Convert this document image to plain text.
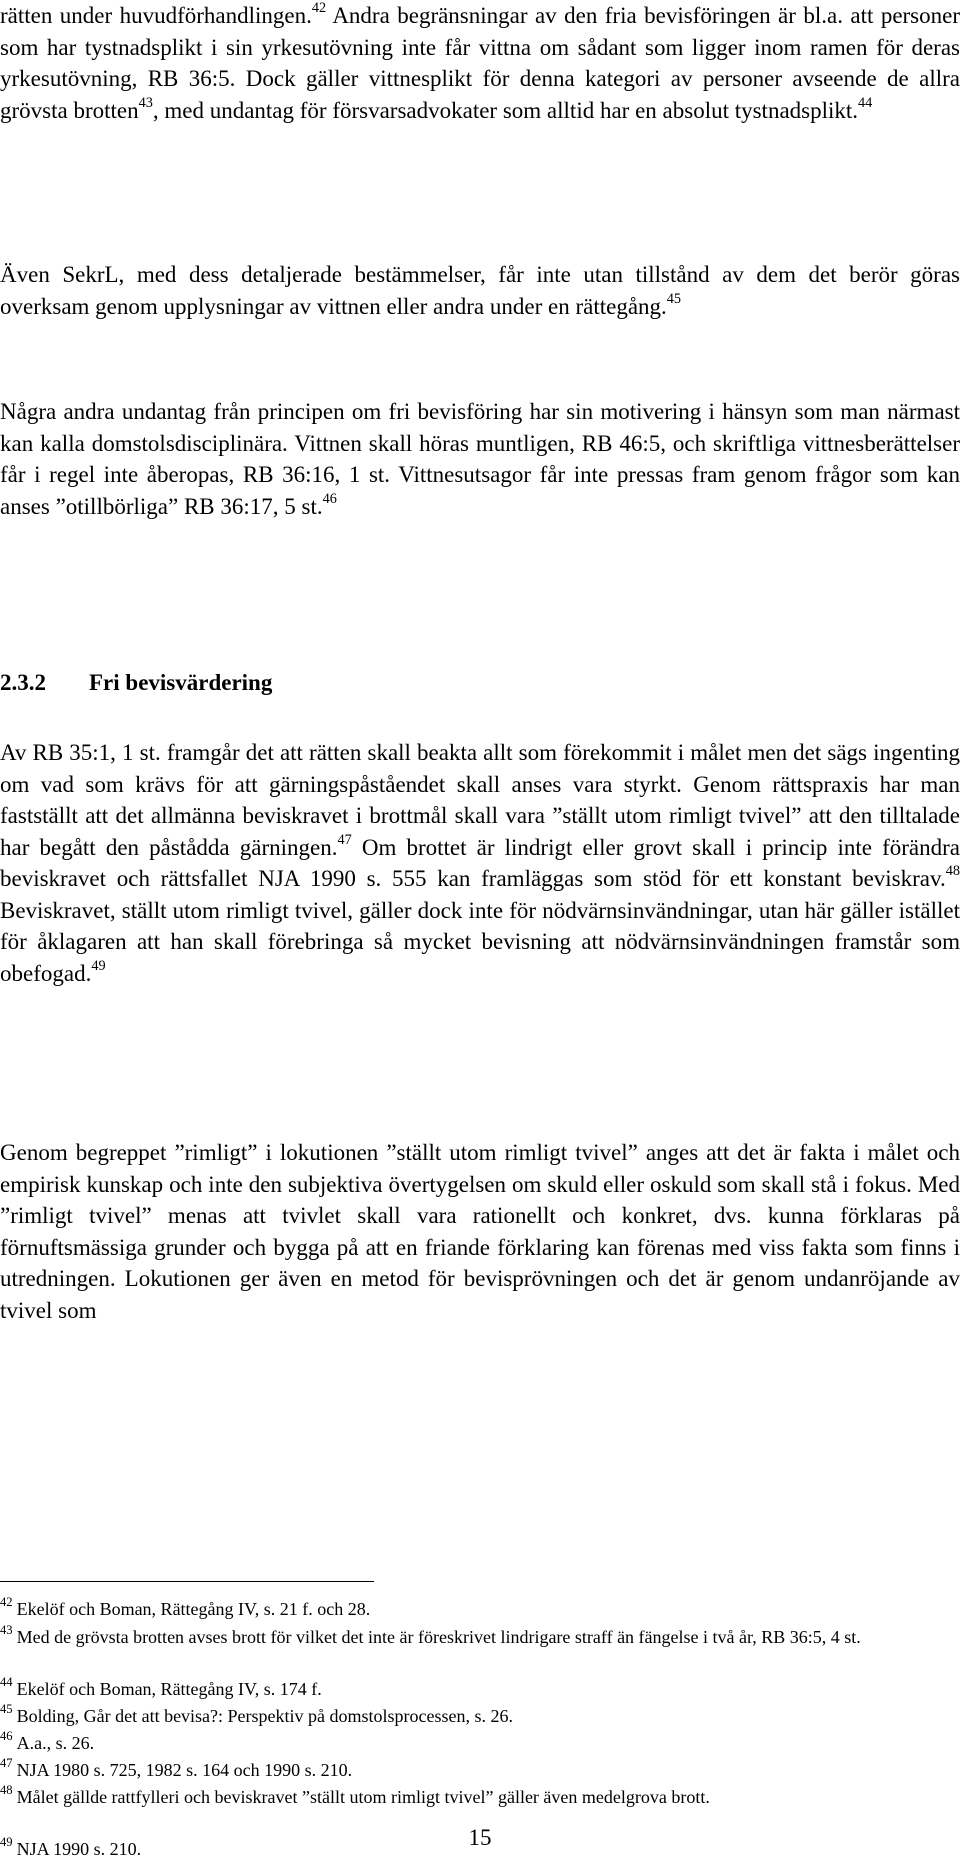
rätten under huvudförhandlingen.$^{42}$ Andra begränsningar av den fria bevisföringen är bl.a. att personer som har tystnadsplikt i sin yrkesutövning inte får vittna om sådant som ligger inom ramen för deras yrkesutövning, RB 36:5. Dock gäller vittnesplikt för denna kategori av personer avseende de allra grövsta brotten$^{43}$, med undantag för försvarsadvokater som alltid har en absolut tystnadsplikt.$^{44}$

Även SekrL, med dess detaljerade bestämmelser, får inte utan tillstånd av dem det berör göras overksam genom upplysningar av vittnen eller andra under en rättegång.$^{45}$

Några andra undantag från principen om fri bevisföring har sin motivering i hänsyn som man närmast kan kalla domstolsdisciplinära. Vittnen skall höras muntligen, RB 46:5, och skriftliga vittnesberättelser får i regel inte åberopas, RB 36:16, 1 st. Vittnesutsagor får inte pressas fram genom frågor som kan anses ”otillbörliga” RB 36:17, 5 st.$^{46}$

2.3.2 Fri bevisvärdering

Av RB 35:1, 1 st. framgår det att rätten skall beakta allt som förekommit i målet men det sägs ingenting om vad som krävs för att gärningspåståendet skall anses vara styrkt. Genom rättspraxis har man fastställt att det allmänna beviskravet i brottmål skall vara ”ställt utom rimligt tvivel” att den tilltalade har begått den påstådda gärningen.$^{47}$ Om brottet är lindrigt eller grovt skall i princip inte förändra beviskravet och rättsfallet NJA 1990 s. 555 kan framläggas som stöd för ett konstant beviskrav.$^{48}$ Beviskravet, ställt utom rimligt tvivel, gäller dock inte för nödvärnsinvändningar, utan här gäller istället för åklagaren att han skall förebringa så mycket bevisning att nödvärnsinvändningen framstår som obefogad.$^{49}$

Genom begreppet ”rimligt” i lokutionen ”ställt utom rimligt tvivel” anges att det är fakta i målet och empirisk kunskap och inte den subjektiva övertygelsen om skuld eller oskuld som skall stå i fokus. Med ”rimligt tvivel” menas att tvivlet skall vara rationellt och konkret, dvs. kunna förklaras på förnuftsmässiga grunder och bygga på att en friande förklaring kan förenas med viss fakta som finns i utredningen. Lokutionen ger även en metod för bevisprövningen och det är genom undanröjande av tvivel som

$^{42}$ Ekelöf och Boman, Rättegång IV, s. 21 f. och 28.

$^{43}$ Med de grövsta brotten avses brott för vilket det inte är föreskrivet lindrigare straff än fängelse i två år, RB 36:5, 4 st.

$^{44}$ Ekelöf och Boman, Rättegång IV, s. 174 f.

$^{45}$ Bolding, Går det att bevisa?: Perspektiv på domstolsprocessen, s. 26.

$^{46}$ A.a., s. 26.

$^{47}$ NJA 1980 s. 725, 1982 s. 164 och 1990 s. 210.

$^{48}$ Målet gällde rattfylleri och beviskravet ”ställt utom rimligt tvivel” gäller även medelgrova brott.

$^{49}$ NJA 1990 s. 210.	15
